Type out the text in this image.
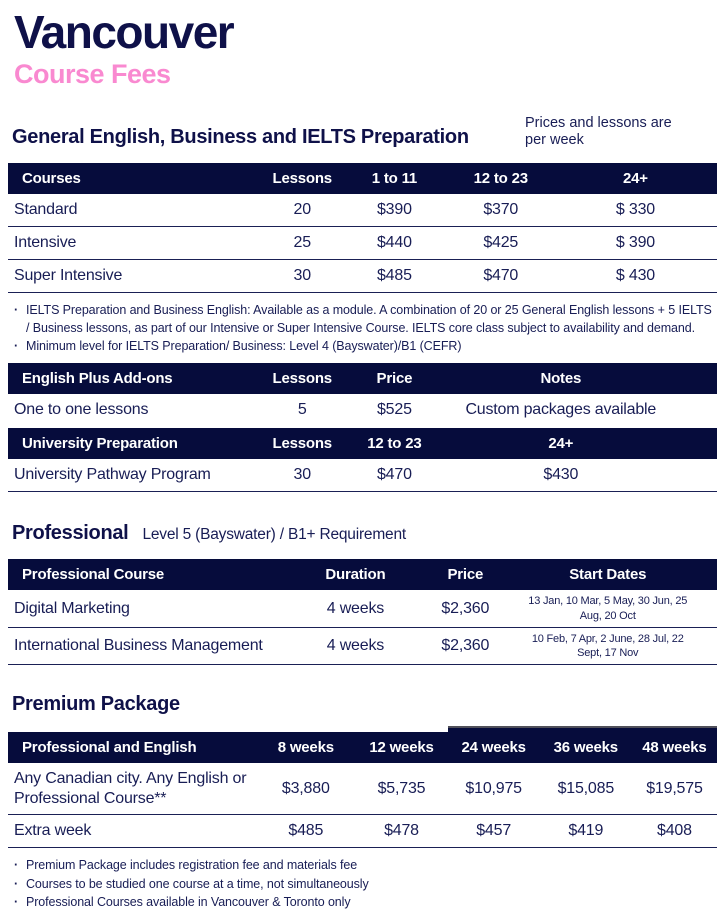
Vancouver
Course Fees
General English, Business and IELTS Preparation
Prices and lessons are per week
Courses	Lessons	1 to 11	12 to 23	24+
Standard	20	$390	$370	$ 330
Intensive	25	$440	$425	$ 390
Super Intensive	30	$485	$470	$ 430
· IELTS Preparation and Business English: Available as a module. A combination of 20 or 25 General English lessons + 5 IELTS / Business lessons, as part of our Intensive or Super Intensive Course. IELTS core class subject to availability and demand.
· Minimum level for IELTS Preparation/ Business: Level 4 (Bayswater)/B1 (CEFR)
English Plus Add-ons	Lessons	Price	Notes
One to one lessons	5	$525	Custom packages available
University Preparation	Lessons	12 to 23	24+
University Pathway Program	30	$470	$430
Professional Level 5 (Bayswater) / B1+ Requirement
Professional Course	Duration	Price	Start Dates
Digital Marketing	4 weeks	$2,360	13 Jan, 10 Mar, 5 May, 30 Jun, 25 Aug, 20 Oct
International Business Management	4 weeks	$2,360	10 Feb, 7 Apr, 2 June, 28 Jul, 22 Sept, 17 Nov
Premium Package
Professional and English	8 weeks	12 weeks	24 weeks	36 weeks	48 weeks
Any Canadian city. Any English or Professional Course**	$3,880	$5,735	$10,975	$15,085	$19,575
Extra week	$485	$478	$457	$419	$408
· Premium Package includes registration fee and materials fee
· Courses to be studied one course at a time, not simultaneously
· Professional Courses available in Vancouver & Toronto only
